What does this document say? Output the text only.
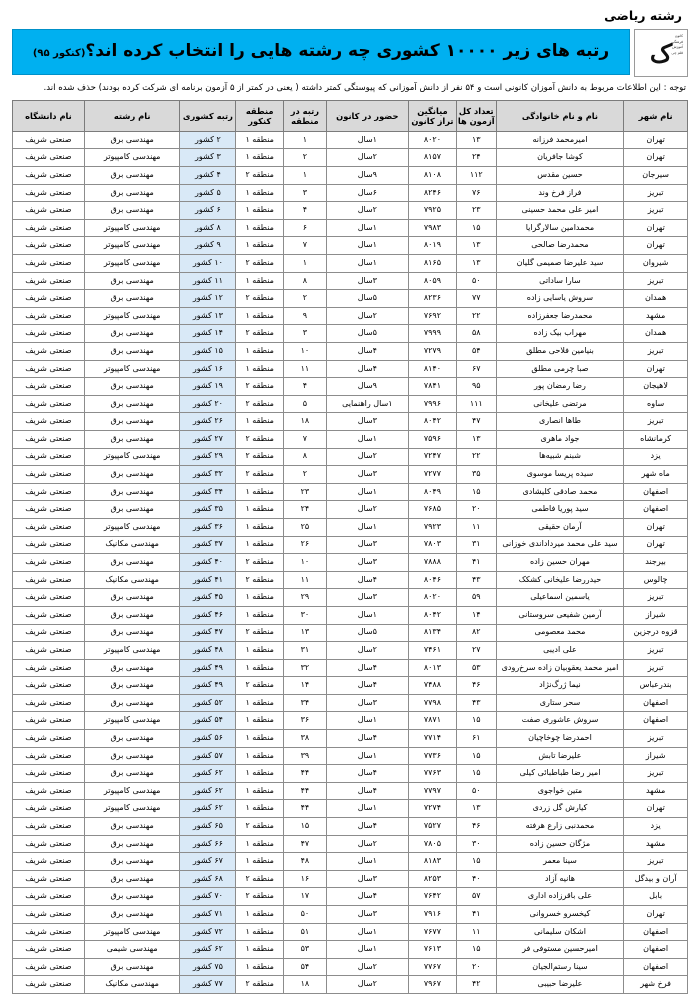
رشته ریاضی
کانون فرهنگی آموزش قلم چی
ک
رتبه های زیر ۱۰۰۰۰ کشوری چه رشته هایی را انتخاب کرده اند؟(کنکور ۹۵)
توجه : این اطلاعات مربوط به دانش آموزان کانونی است و ۵۴ نفر از دانش آموزانی که پیوستگی کمتر داشته ( یعنی در کمتر از ۵ آزمون برنامه ای شرکت کرده بودند) حذف شده اند.
نام شهر	نام و نام خانوادگی	تعداد کل آزمون ها	میانگین تراز کانون	حضور در کانون	رتبه در منطقه	منطقه کنکور	رتبه کشوری	نام رشته	نام دانشگاه
تهران	امیرمحمد فرزانه	۱۳	۸۰۲۰	۱سال	۱	منطقه ۱	۲ کشور	مهندسی برق	صنعتی شریف
تهران	کوشا جافریان	۲۴	۸۱۵۷	۲سال	۲	منطقه ۱	۳ کشور	مهندسی کامپیوتر	صنعتی شریف
سیرجان	حسین مقدس	۱۱۲	۸۱۰۸	۹سال	۱	منطقه ۲	۴ کشور	مهندسی برق	صنعتی شریف
تبریز	فراز فرخ وند	۷۶	۸۲۴۶	۶سال	۳	منطقه ۱	۵ کشور	مهندسی برق	صنعتی شریف
تبریز	امیر علی محمد حسینی	۲۳	۷۹۲۵	۲سال	۴	منطقه ۱	۶ کشور	مهندسی برق	صنعتی شریف
تهران	محمدامین سالارگرایا	۱۵	۷۹۸۳	۱سال	۶	منطقه ۱	۸ کشور	مهندسی کامپیوتر	صنعتی شریف
تهران	محمدرضا صالحی	۱۳	۸۰۱۹	۱سال	۷	منطقه ۱	۹ کشور	مهندسی کامپیوتر	صنعتی شریف
شیروان	سید علیرضا صمیمی گلیان	۱۳	۸۱۶۵	۱سال	۱	منطقه ۲	۱۰ کشور	مهندسی کامپیوتر	صنعتی شریف
تبریز	سارا ساداتی	۵۰	۸۰۵۹	۳سال	۸	منطقه ۱	۱۱ کشور	مهندسی برق	صنعتی شریف
همدان	سروش یاسایی زاده	۷۷	۸۲۳۶	۵سال	۲	منطقه ۲	۱۲ کشور	مهندسی برق	صنعتی شریف
مشهد	محمدرضا جعفرزاده	۲۲	۷۶۹۲	۲سال	۹	منطقه ۱	۱۳ کشور	مهندسی کامپیوتر	صنعتی شریف
همدان	مهراب بیک زاده	۵۸	۷۹۹۹	۵سال	۳	منطقه ۲	۱۴ کشور	مهندسی برق	صنعتی شریف
تبریز	بنیامین فلاحی مطلق	۵۴	۷۲۷۹	۴سال	۱۰	منطقه ۱	۱۵ کشور	مهندسی برق	صنعتی شریف
تهران	صبا چرمی مطلق	۶۷	۸۱۴۰	۴سال	۱۱	منطقه ۱	۱۶ کشور	مهندسی کامپیوتر	صنعتی شریف
لاهیجان	رضا رمضان پور	۹۵	۷۸۴۱	۹سال	۴	منطقه ۲	۱۹ کشور	مهندسی برق	صنعتی شریف
ساوه	مرتضی علیخانی	۱۱۱	۷۹۹۶	۱سال راهنمایی	۵	منطقه ۲	۲۰ کشور	مهندسی برق	صنعتی شریف
تبریز	طاها انصاری	۴۷	۸۰۴۲	۳سال	۱۸	منطقه ۱	۲۶ کشور	مهندسی برق	صنعتی شریف
کرمانشاه	جواد ماهری	۱۳	۷۵۹۶	۱سال	۷	منطقه ۲	۲۷ کشور	مهندسی برق	صنعتی شریف
یزد	شبنم شبیه‌ها	۲۲	۷۲۴۷	۲سال	۸	منطقه ۲	۲۹ کشور	مهندسی کامپیوتر	صنعتی شریف
ماه شهر	سیده پریسا موسوی	۳۵	۷۲۷۷	۳سال	۲	منطقه ۲	۳۲ کشور	مهندسی برق	صنعتی شریف
اصفهان	محمد صادقی کلیشادی	۱۵	۸۰۴۹	۱سال	۲۳	منطقه ۱	۳۴ کشور	مهندسی برق	صنعتی شریف
اصفهان	سید پوریا فاطمی	۲۰	۷۶۸۵	۲سال	۲۴	منطقه ۱	۳۵ کشور	مهندسی برق	صنعتی شریف
تهران	آرمان حقیقی	۱۱	۷۹۲۳	۱سال	۲۵	منطقه ۱	۳۶ کشور	مهندسی کامپیوتر	صنعتی شریف
تهران	سید علی محمد میرداداندی خوزانی	۳۱	۷۸۰۳	۳سال	۲۶	منطقه ۱	۳۷ کشور	مهندسی مکانیک	صنعتی شریف
بیرجند	مهران حسین زاده	۴۱	۷۸۸۸	۳سال	۱۰	منطقه ۲	۴۰ کشور	مهندسی برق	صنعتی شریف
چالوس	حیدررضا علیخانی کشکک	۴۳	۸۰۴۶	۴سال	۱۱	منطقه ۲	۴۱ کشور	مهندسی مکانیک	صنعتی شریف
تبریز	یاسمین اسماعیلی	۵۹	۸۰۲۰	۳سال	۲۹	منطقه ۱	۴۵ کشور	مهندسی برق	صنعتی شریف
شیراز	آرمین شفیعی سروستانی	۱۴	۸۰۴۲	۱سال	۳۰	منطقه ۱	۴۶ کشور	مهندسی برق	صنعتی شریف
قزوه درجزین	محمد معصومی	۸۲	۸۱۳۴	۵سال	۱۳	منطقه ۲	۴۷ کشور	مهندسی برق	صنعتی شریف
تبریز	علی ادیبی	۲۷	۷۴۶۱	۲سال	۳۱	منطقه ۱	۴۸ کشور	مهندسی کامپیوتر	صنعتی شریف
تبریز	امیر محمد یعقوبیان زاده سرخ‌رودی	۵۳	۸۰۱۳	۴سال	۳۲	منطقه ۱	۴۹ کشور	مهندسی برق	صنعتی شریف
بندرعباس	نیما ژرگ‌نژاد	۴۶	۷۴۸۸	۴سال	۱۴	منطقه ۲	۴۹ کشور	مهندسی برق	صنعتی شریف
اصفهان	سحر ستاری	۴۳	۷۷۹۸	۳سال	۳۴	منطقه ۱	۵۲ کشور	مهندسی برق	صنعتی شریف
اصفهان	سروش عاشوری صفت	۱۵	۷۸۷۱	۱سال	۳۶	منطقه ۱	۵۴ کشور	مهندسی کامپیوتر	صنعتی شریف
تبریز	احمدرضا چوخاچیان	۶۱	۷۷۱۴	۴سال	۳۸	منطقه ۱	۵۶ کشور	مهندسی برق	صنعتی شریف
شیراز	علیرضا تابش	۱۵	۷۷۳۶	۱سال	۳۹	منطقه ۱	۵۷ کشور	مهندسی برق	صنعتی شریف
تبریز	امیر رضا طباطبائی کیلی	۱۵	۷۷۶۳	۴سال	۴۴	منطقه ۱	۶۲ کشور	مهندسی برق	صنعتی شریف
مشهد	متین خواجوی	۵۰	۷۷۹۷	۴سال	۴۴	منطقه ۱	۶۲ کشور	مهندسی کامپیوتر	صنعتی شریف
تهران	کیارش گل زردی	۱۳	۷۲۷۴	۱سال	۴۴	منطقه ۱	۶۲ کشور	مهندسی کامپیوتر	صنعتی شریف
یزد	محمدنبی زارع هرفته	۴۶	۷۵۲۷	۴سال	۱۵	منطقه ۲	۶۵ کشور	مهندسی برق	صنعتی شریف
مشهد	مژگان حسین زاده	۳۰	۷۸۰۵	۲سال	۴۷	منطقه ۱	۶۶ کشور	مهندسی برق	صنعتی شریف
تبریز	سینا معمر	۱۵	۸۱۸۳	۱سال	۴۸	منطقه ۱	۶۷ کشور	مهندسی برق	صنعتی شریف
آران و بیدگل	هانیه آزاد	۴۰	۸۲۵۳	۳سال	۱۶	منطقه ۲	۶۸ کشور	مهندسی برق	صنعتی شریف
بابل	علی باقرزاده اداری	۵۷	۷۶۴۲	۴سال	۱۷	منطقه ۲	۷۰ کشور	مهندسی برق	صنعتی شریف
تهران	کیخسرو خسروانی	۴۱	۷۹۱۶	۳سال	۵۰	منطقه ۱	۷۱ کشور	مهندسی برق	صنعتی شریف
اصفهان	اشکان سلیمانی	۱۱	۷۶۷۷	۱سال	۵۱	منطقه ۱	۷۲ کشور	مهندسی کامپیوتر	صنعتی شریف
اصفهان	امیرحسین مستوفی فر	۱۵	۷۶۱۳	۱سال	۵۳	منطقه ۱	۶۲ کشور	مهندسی شیمی	صنعتی شریف
اصفهان	سینا رستم‌الجیان	۲۰	۷۷۶۷	۲سال	۵۴	منطقه ۱	۷۵ کشور	مهندسی برق	صنعتی شریف
فرخ شهر	علیرضا حبیبی	۴۲	۷۹۶۷	۲سال	۱۸	منطقه ۲	۷۷ کشور	مهندسی مکانیک	صنعتی شریف
